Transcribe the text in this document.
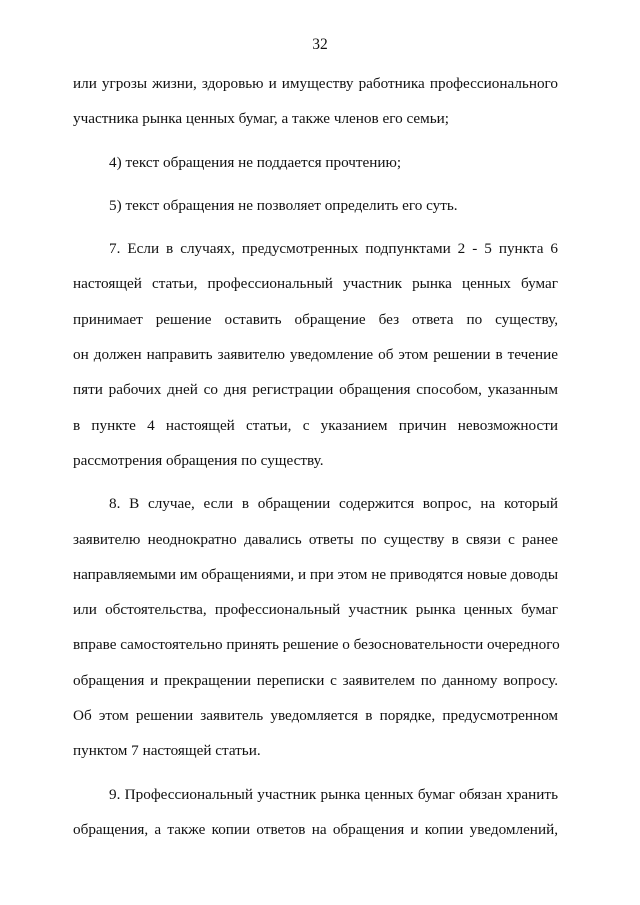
32

или угрозы жизни, здоровью и имуществу работника профессионального
участника рынка ценных бумаг, а также членов его семьи;

4) текст обращения не поддается прочтению;

5) текст обращения не позволяет определить его суть.

7. Если в случаях, предусмотренных подпунктами 2 - 5 пункта 6
настоящей статьи, профессиональный участник рынка ценных бумаг
принимает решение оставить обращение без ответа по существу,
он должен направить заявителю уведомление об этом решении в течение
пяти рабочих дней со дня регистрации обращения способом, указанным
в пункте 4 настоящей статьи, с указанием причин невозможности
рассмотрения обращения по существу.

8. В случае, если в обращении содержится вопрос, на который
заявителю неоднократно давались ответы по существу в связи с ранее
направляемыми им обращениями, и при этом не приводятся новые доводы
или обстоятельства, профессиональный участник рынка ценных бумаг
вправе самостоятельно принять решение о безосновательности очередного
обращения и прекращении переписки с заявителем по данному вопросу.
Об этом решении заявитель уведомляется в порядке, предусмотренном
пунктом 7 настоящей статьи.

9. Профессиональный участник рынка ценных бумаг обязан хранить
обращения, а также копии ответов на обращения и копии уведомлений,
